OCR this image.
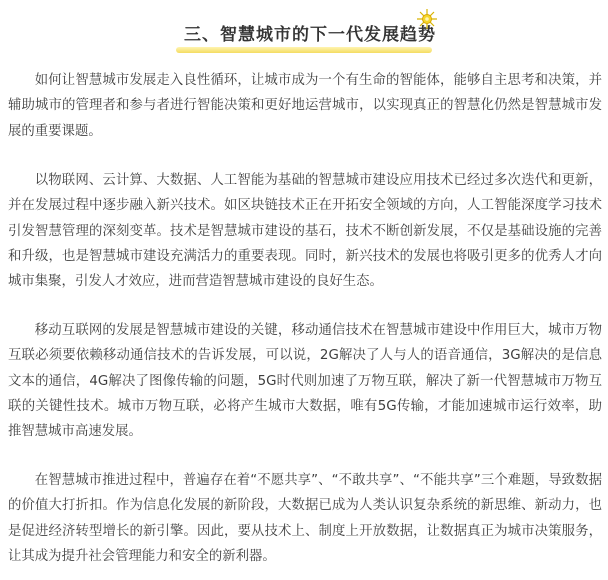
三、智慧城市的下一代发展趋势

如何让智慧城市发展走入良性循环，让城市成为一个有生命的智能体，能够自主思考和决策，并辅助城市的管理者和参与者进行智能决策和更好地运营城市，以实现真正的智慧化仍然是智慧城市发展的重要课题。

以物联网、云计算、大数据、人工智能为基础的智慧城市建设应用技术已经过多次迭代和更新，并在发展过程中逐步融入新兴技术。如区块链技术正在开拓安全领域的方向，人工智能深度学习技术引发智慧管理的深刻变革。技术是智慧城市建设的基石，技术不断创新发展，不仅是基础设施的完善和升级，也是智慧城市建设充满活力的重要表现。同时，新兴技术的发展也将吸引更多的优秀人才向城市集聚，引发人才效应，进而营造智慧城市建设的良好生态。

移动互联网的发展是智慧城市建设的关键，移动通信技术在智慧城市建设中作用巨大，城市万物互联必须要依赖移动通信技术的告诉发展，可以说，2G解决了人与人的语音通信，3G解决的是信息文本的通信，4G解决了图像传输的问题，5G时代则加速了万物互联，解决了新一代智慧城市万物互联的关键性技术。城市万物互联，必将产生城市大数据，唯有5G传输，才能加速城市运行效率，助推智慧城市高速发展。

在智慧城市推进过程中，普遍存在着“不愿共享”、“不敢共享”、“不能共享”三个难题，导致数据的价值大打折扣。作为信息化发展的新阶段，大数据已成为人类认识复杂系统的新思维、新动力，也是促进经济转型增长的新引擎。因此，要从技术上、制度上开放数据，让数据真正为城市决策服务，让其成为提升社会管理能力和安全的新利器。
